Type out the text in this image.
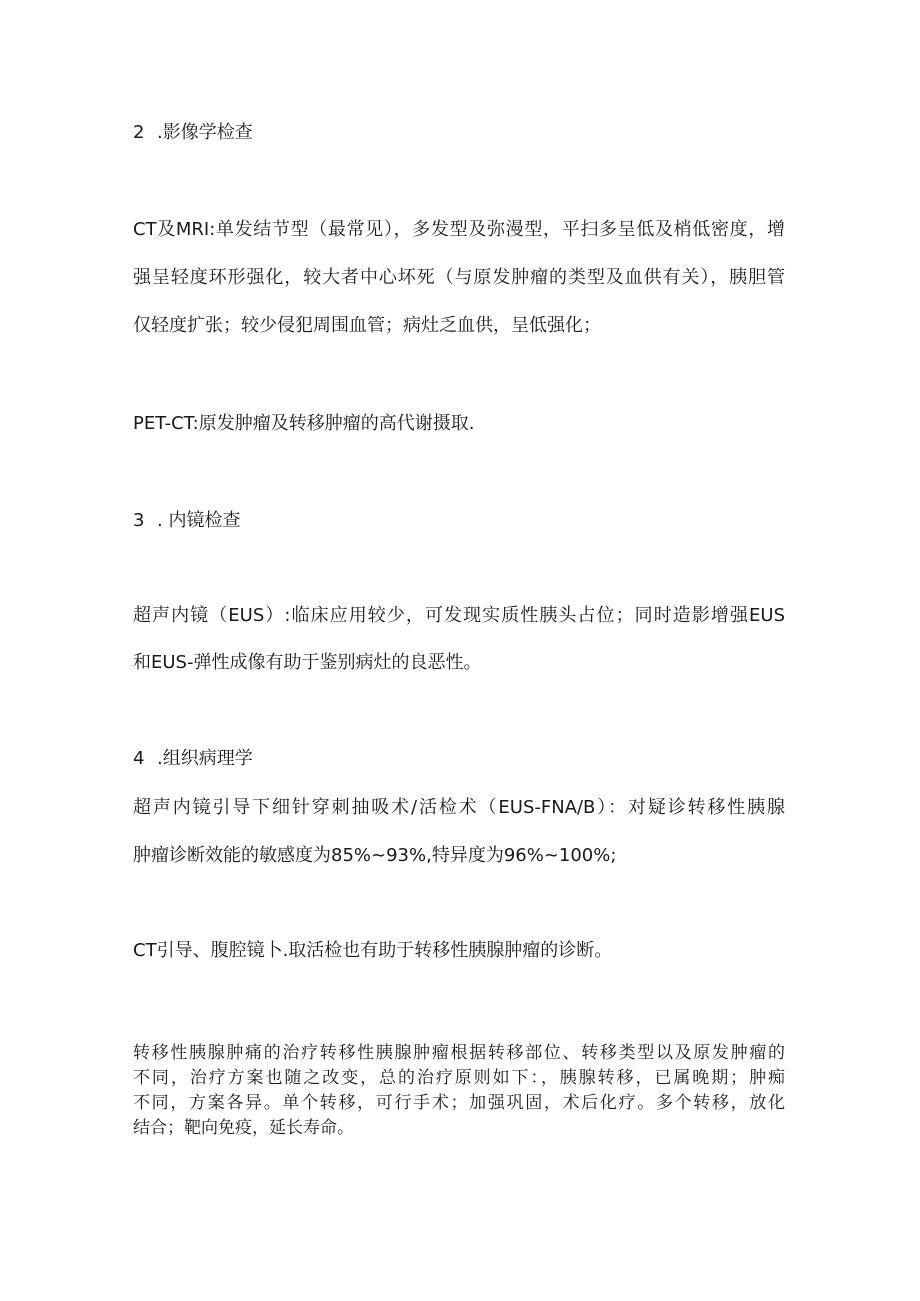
2 .影像学检查
CT及MRI:单发结节型（最常见），多发型及弥漫型，平扫多呈低及梢低密度，增
强呈轻度环形强化，较大者中心坏死（与原发肿瘤的类型及血供有关），胰胆管
仅轻度扩张；较少侵犯周围血管；病灶乏血供，呈低强化；
PET-CT:原发肿瘤及转移肿瘤的高代谢摄取.
3 . 内镜检查
超声内镜（EUS）:临床应用较少，可发现实质性胰头占位；同时造影增强EUS
和EUS-弹性成像有助于鉴别病灶的良恶性。
4 .组织病理学
超声内镜引导下细针穿刺抽吸术/活检术（EUS-FNA/B）：对疑诊转移性胰腺
肿瘤诊断效能的敏感度为85%~93%,特异度为96%~100%;
CT引导、腹腔镜卜.取活检也有助于转移性胰腺肿瘤的诊断。
转移性胰腺肿痛的治疗转移性胰腺肿瘤根据转移部位、转移类型以及原发肿瘤的
不同，治疗方案也随之改变，总的治疗原则如下：，胰腺转移，已属晚期；肿痴
不同，方案各异。单个转移，可行手术；加强巩固，术后化疗。多个转移，放化
结合；靶向免疫，延长寿命。
